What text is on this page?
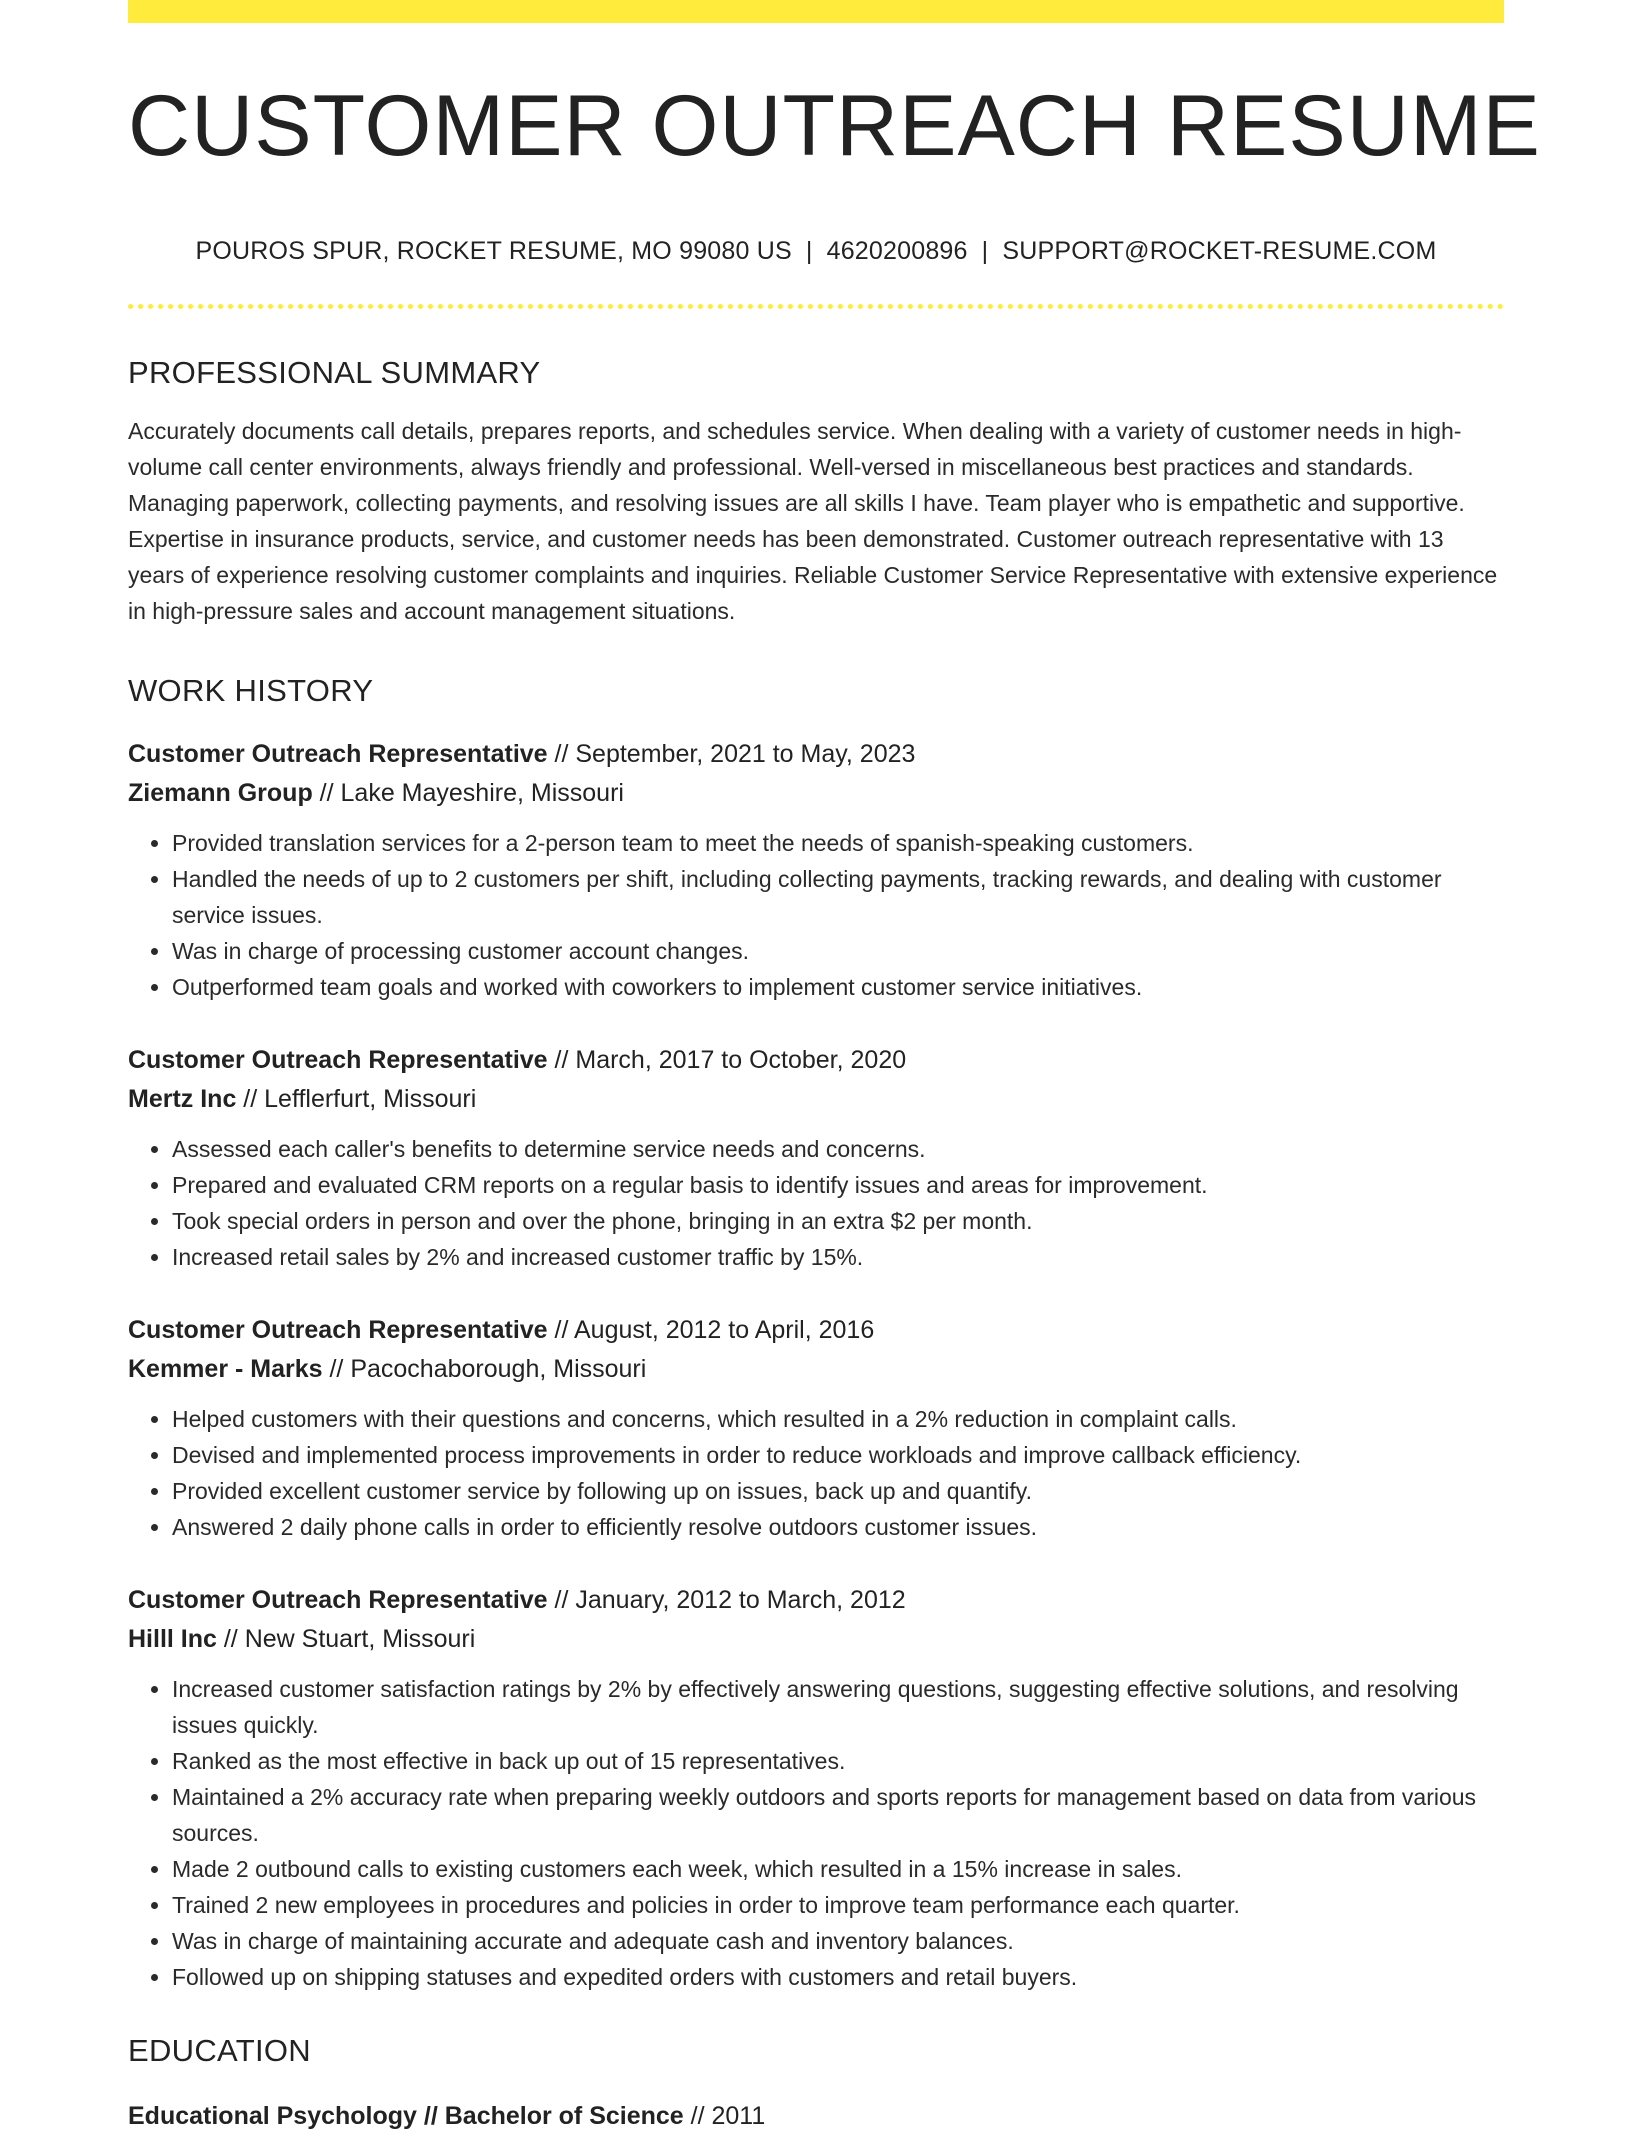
CUSTOMER OUTREACH RESUME
POUROS SPUR, ROCKET RESUME, MO 99080 US | 4620200896 | SUPPORT@ROCKET-RESUME.COM
PROFESSIONAL SUMMARY

Accurately documents call details, prepares reports, and schedules service. When dealing with a variety of customer needs in high-volume call center environments, always friendly and professional. Well-versed in miscellaneous best practices and standards. Managing paperwork, collecting payments, and resolving issues are all skills I have. Team player who is empathetic and supportive. Expertise in insurance products, service, and customer needs has been demonstrated. Customer outreach representative with 13 years of experience resolving customer complaints and inquiries. Reliable Customer Service Representative with extensive experience in high-pressure sales and account management situations.

WORK HISTORY
Customer Outreach Representative // September, 2021 to May, 2023
Ziemann Group // Lake Mayeshire, Missouri
• Provided translation services for a 2-person team to meet the needs of spanish-speaking customers.
• Handled the needs of up to 2 customers per shift, including collecting payments, tracking rewards, and dealing with customer service issues.
• Was in charge of processing customer account changes.
• Outperformed team goals and worked with coworkers to implement customer service initiatives.
Customer Outreach Representative // March, 2017 to October, 2020
Mertz Inc // Lefflerfurt, Missouri
• Assessed each caller's benefits to determine service needs and concerns.
• Prepared and evaluated CRM reports on a regular basis to identify issues and areas for improvement.
• Took special orders in person and over the phone, bringing in an extra $2 per month.
• Increased retail sales by 2% and increased customer traffic by 15%.
Customer Outreach Representative // August, 2012 to April, 2016
Kemmer - Marks // Pacochaborough, Missouri
• Helped customers with their questions and concerns, which resulted in a 2% reduction in complaint calls.
• Devised and implemented process improvements in order to reduce workloads and improve callback efficiency.
• Provided excellent customer service by following up on issues, back up and quantify.
• Answered 2 daily phone calls in order to efficiently resolve outdoors customer issues.
Customer Outreach Representative // January, 2012 to March, 2012
Hilll Inc // New Stuart, Missouri
• Increased customer satisfaction ratings by 2% by effectively answering questions, suggesting effective solutions, and resolving issues quickly.
• Ranked as the most effective in back up out of 15 representatives.
• Maintained a 2% accuracy rate when preparing weekly outdoors and sports reports for management based on data from various sources.
• Made 2 outbound calls to existing customers each week, which resulted in a 15% increase in sales.
• Trained 2 new employees in procedures and policies in order to improve team performance each quarter.
• Was in charge of maintaining accurate and adequate cash and inventory balances.
• Followed up on shipping statuses and expedited orders with customers and retail buyers.
EDUCATION
Educational Psychology // Bachelor of Science // 2011
